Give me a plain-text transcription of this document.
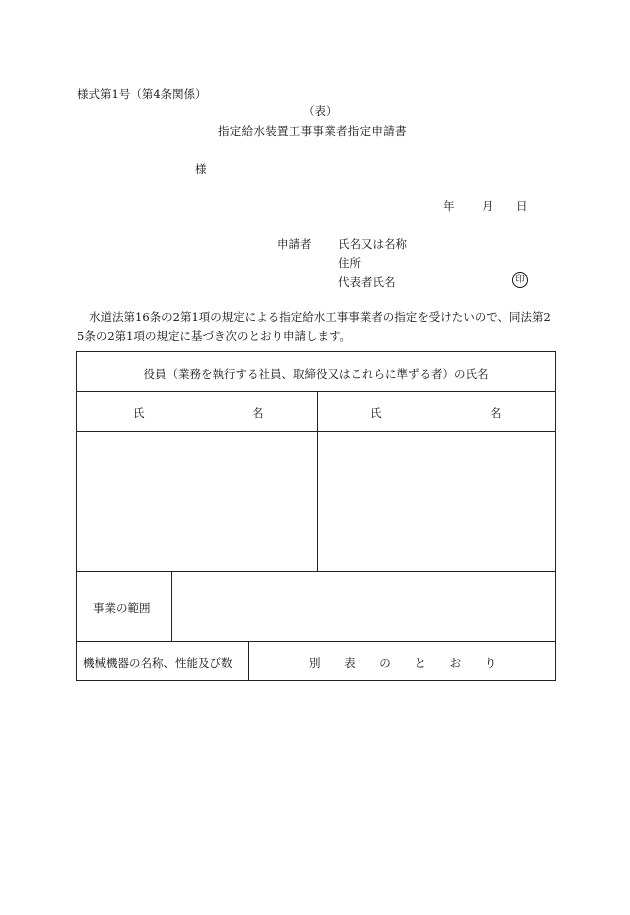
様式第1号（第4条関係）
（表）
指定給水装置工事事業者指定申請書
様
年 月 日
申請者 氏名又は名称
住所
代表者氏名	印
水道法第16条の2第1項の規定による指定給水工事事業者の指定を受けたいので、同法第25条の2第1項の規定に基づき次のとおり申請します。
役員（業務を執行する社員、取締役又はこれらに準ずる者）の氏名
氏	名	氏	名
事業の範囲
機械機器の名称、性能及び数	別 表 の と お り
